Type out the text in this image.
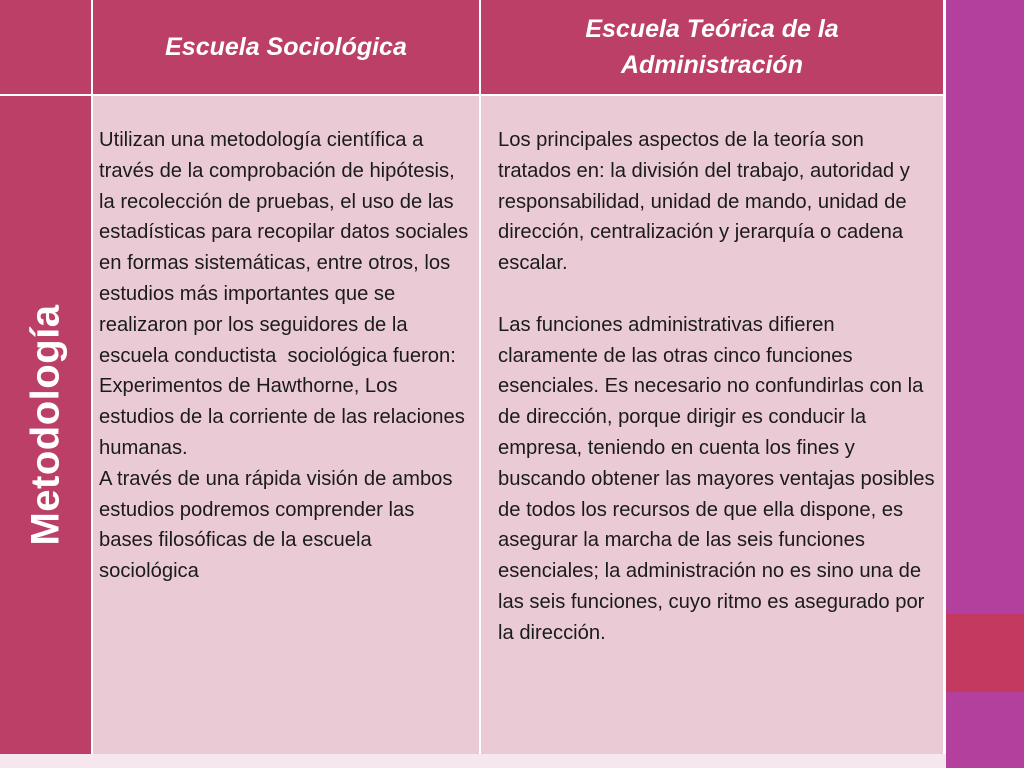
Escuela Sociológica
Escuela Teórica de la
Administración
Metodología

Utilizan una metodología científica a través de la comprobación de hipótesis, la recolección de pruebas, el uso de las estadísticas para recopilar datos sociales en formas sistemáticas, entre otros, los estudios más importantes que se realizaron por los seguidores de la escuela conductista  sociológica fueron: Experimentos de Hawthorne, Los estudios de la corriente de las relaciones humanas.

A través de una rápida visión de ambos estudios podremos comprender las bases filosóficas de la escuela sociológica

Los principales aspectos de la teoría son tratados en: la división del trabajo, autoridad y responsabilidad, unidad de mando, unidad de dirección, centralización y jerarquía o cadena escalar.

Las funciones administrativas difieren claramente de las otras cinco funciones esenciales. Es necesario no confundirlas con la de dirección, porque dirigir es conducir la empresa, teniendo en cuenta los fines y buscando obtener las mayores ventajas posibles de todos los recursos de que ella dispone, es asegurar la marcha de las seis funciones esenciales; la administración no es sino una de las seis funciones, cuyo ritmo es asegurado por la dirección.
